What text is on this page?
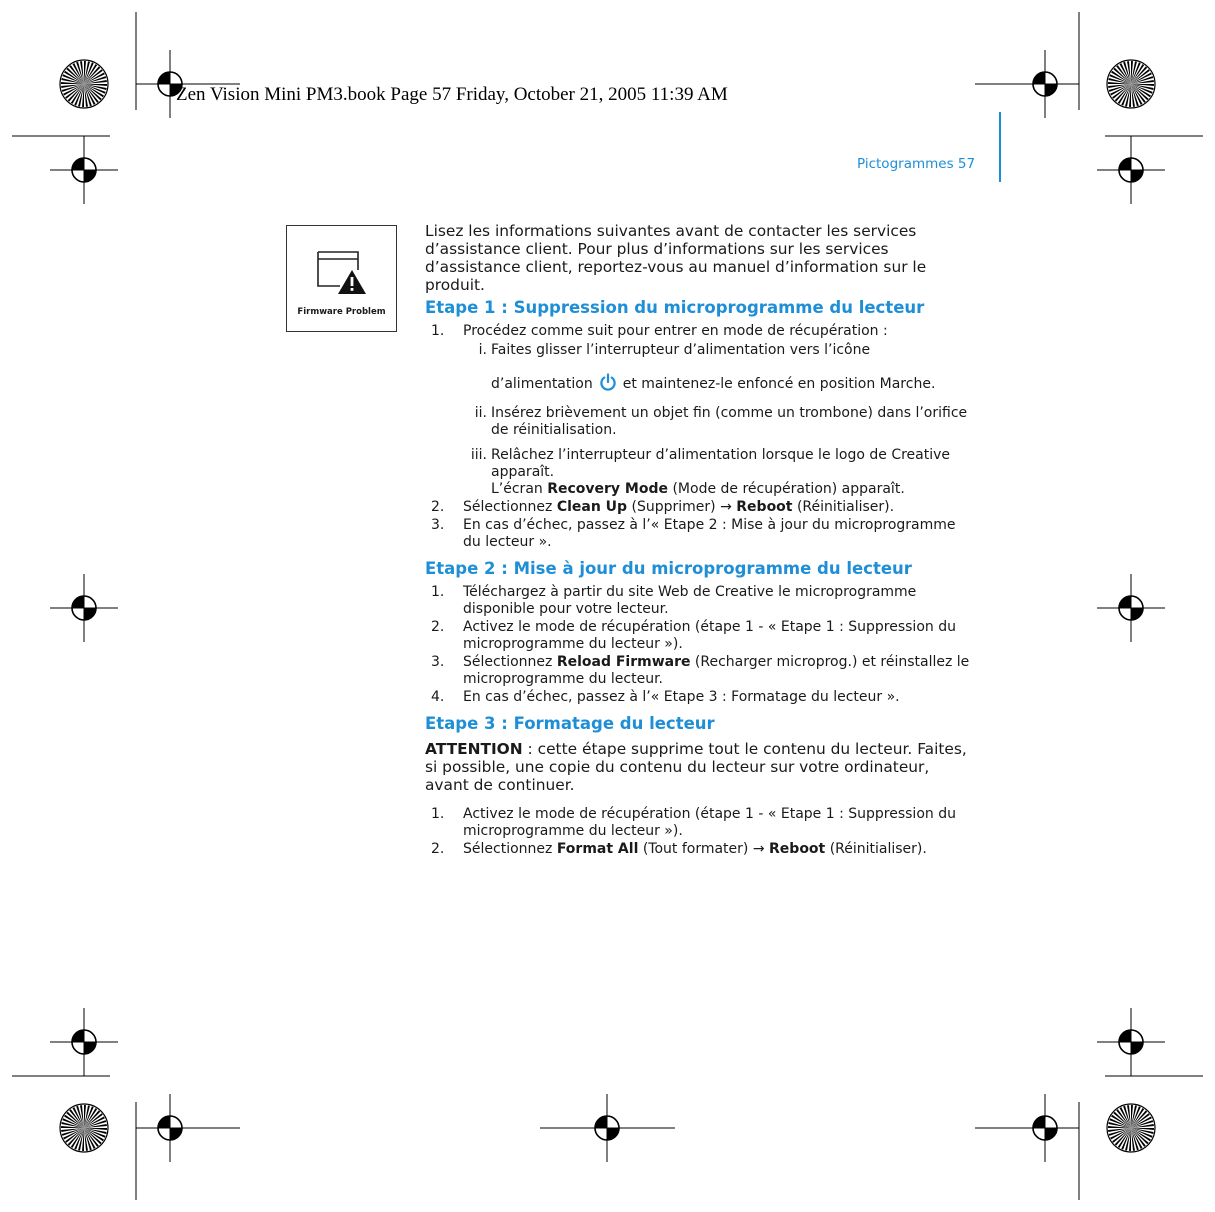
Zen Vision Mini PM3.book Page 57 Friday, October 21, 2005 11:39 AM

Pictogrammes 57

Firmware Problem

Lisez les informations suivantes avant de contacter les services d’assistance client. Pour plus d’informations sur les services d’assistance client, reportez-vous au manuel d’information sur le produit.

Etape 1 : Suppression du microprogramme du lecteur
1. Procédez comme suit pour entrer en mode de récupération :
i. Faites glisser l’interrupteur d’alimentation vers l’icône
d’alimentation et maintenez-le enfoncé en position Marche.
ii. Insérez brièvement un objet fin (comme un trombone) dans l’orifice de réinitialisation.
iii. Relâchez l’interrupteur d’alimentation lorsque le logo de Creative apparaît.
L’écran Recovery Mode (Mode de récupération) apparaît.
2. Sélectionnez Clean Up (Supprimer) → Reboot (Réinitialiser).
3. En cas d’échec, passez à l’« Etape 2 : Mise à jour du microprogramme du lecteur ».
Etape 2 : Mise à jour du microprogramme du lecteur
1. Téléchargez à partir du site Web de Creative le microprogramme disponible pour votre lecteur.
2. Activez le mode de récupération (étape 1 - « Etape 1 : Suppression du microprogramme du lecteur »).
3. Sélectionnez Reload Firmware (Recharger microprog.) et réinstallez le microprogramme du lecteur.
4. En cas d’échec, passez à l’« Etape 3 : Formatage du lecteur ».
Etape 3 : Formatage du lecteur

ATTENTION : cette étape supprime tout le contenu du lecteur. Faites, si possible, une copie du contenu du lecteur sur votre ordinateur, avant de continuer.

1. Activez le mode de récupération (étape 1 - « Etape 1 : Suppression du microprogramme du lecteur »).
2. Sélectionnez Format All (Tout formater) → Reboot (Réinitialiser).
